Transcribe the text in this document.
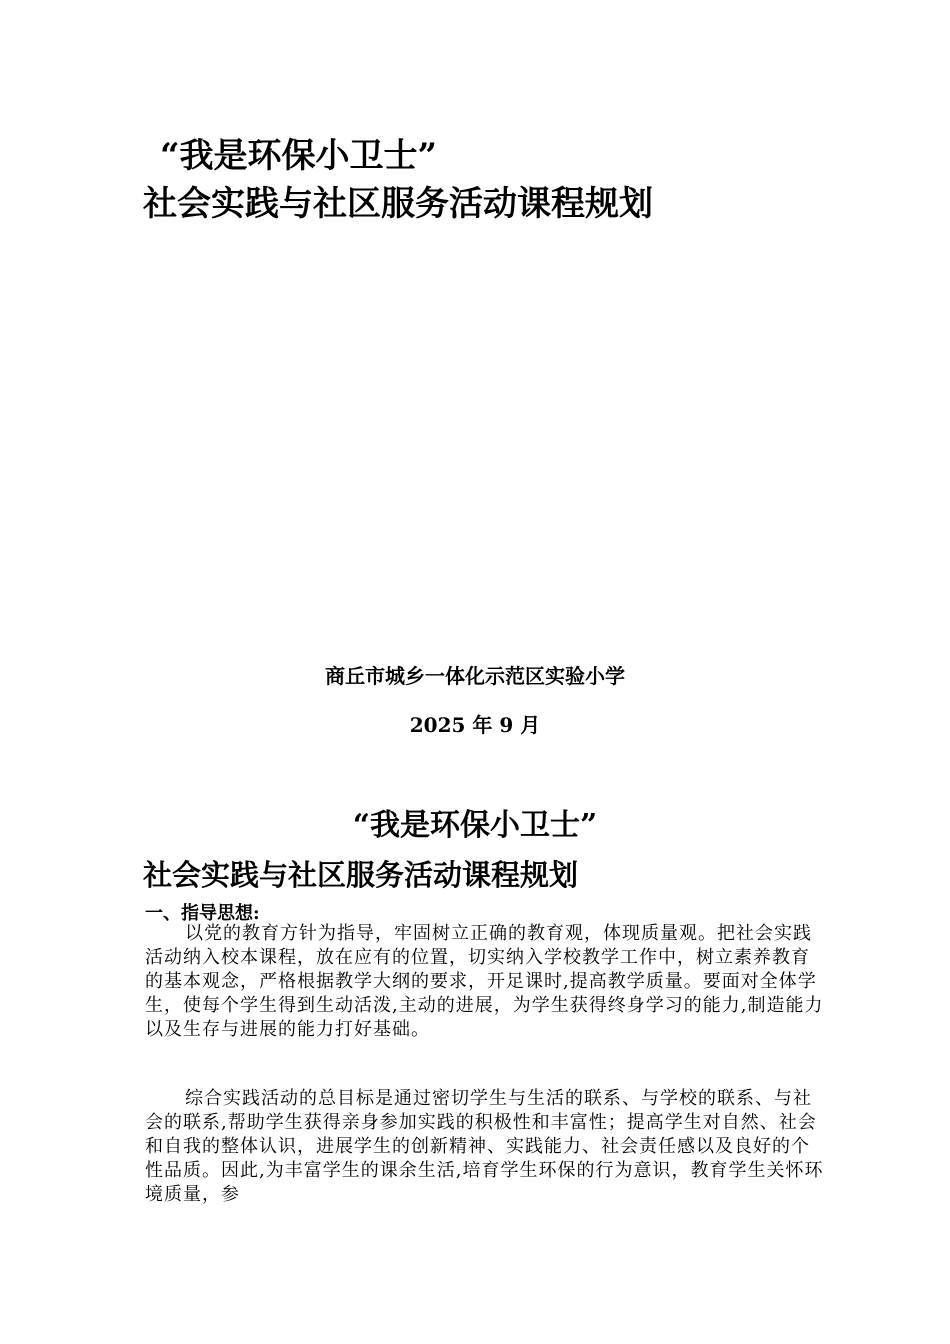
“我是环保小卫士”
社会实践与社区服务活动课程规划
商丘市城乡一体化示范区实验小学
2025 年 9 月
“我是环保小卫士”
社会实践与社区服务活动课程规划
一、指导思想:
以党的教育方针为指导，牢固树立正确的教育观，体现质量观。把社会实践活动纳入校本课程，放在应有的位置，切实纳入学校教学工作中，树立素养教育的基本观念，严格根据教学大纲的要求，开足课时,提高教学质量。要面对全体学生，使每个学生得到生动活泼,主动的进展，为学生获得终身学习的能力,制造能力以及生存与进展的能力打好基础。
综合实践活动的总目标是通过密切学生与生活的联系、与学校的联系、与社会的联系,帮助学生获得亲身参加实践的积极性和丰富性；提高学生对自然、社会和自我的整体认识，进展学生的创新精神、实践能力、社会责任感以及良好的个性品质。因此,为丰富学生的课余生活,培育学生环保的行为意识，教育学生关怀环境质量，参
